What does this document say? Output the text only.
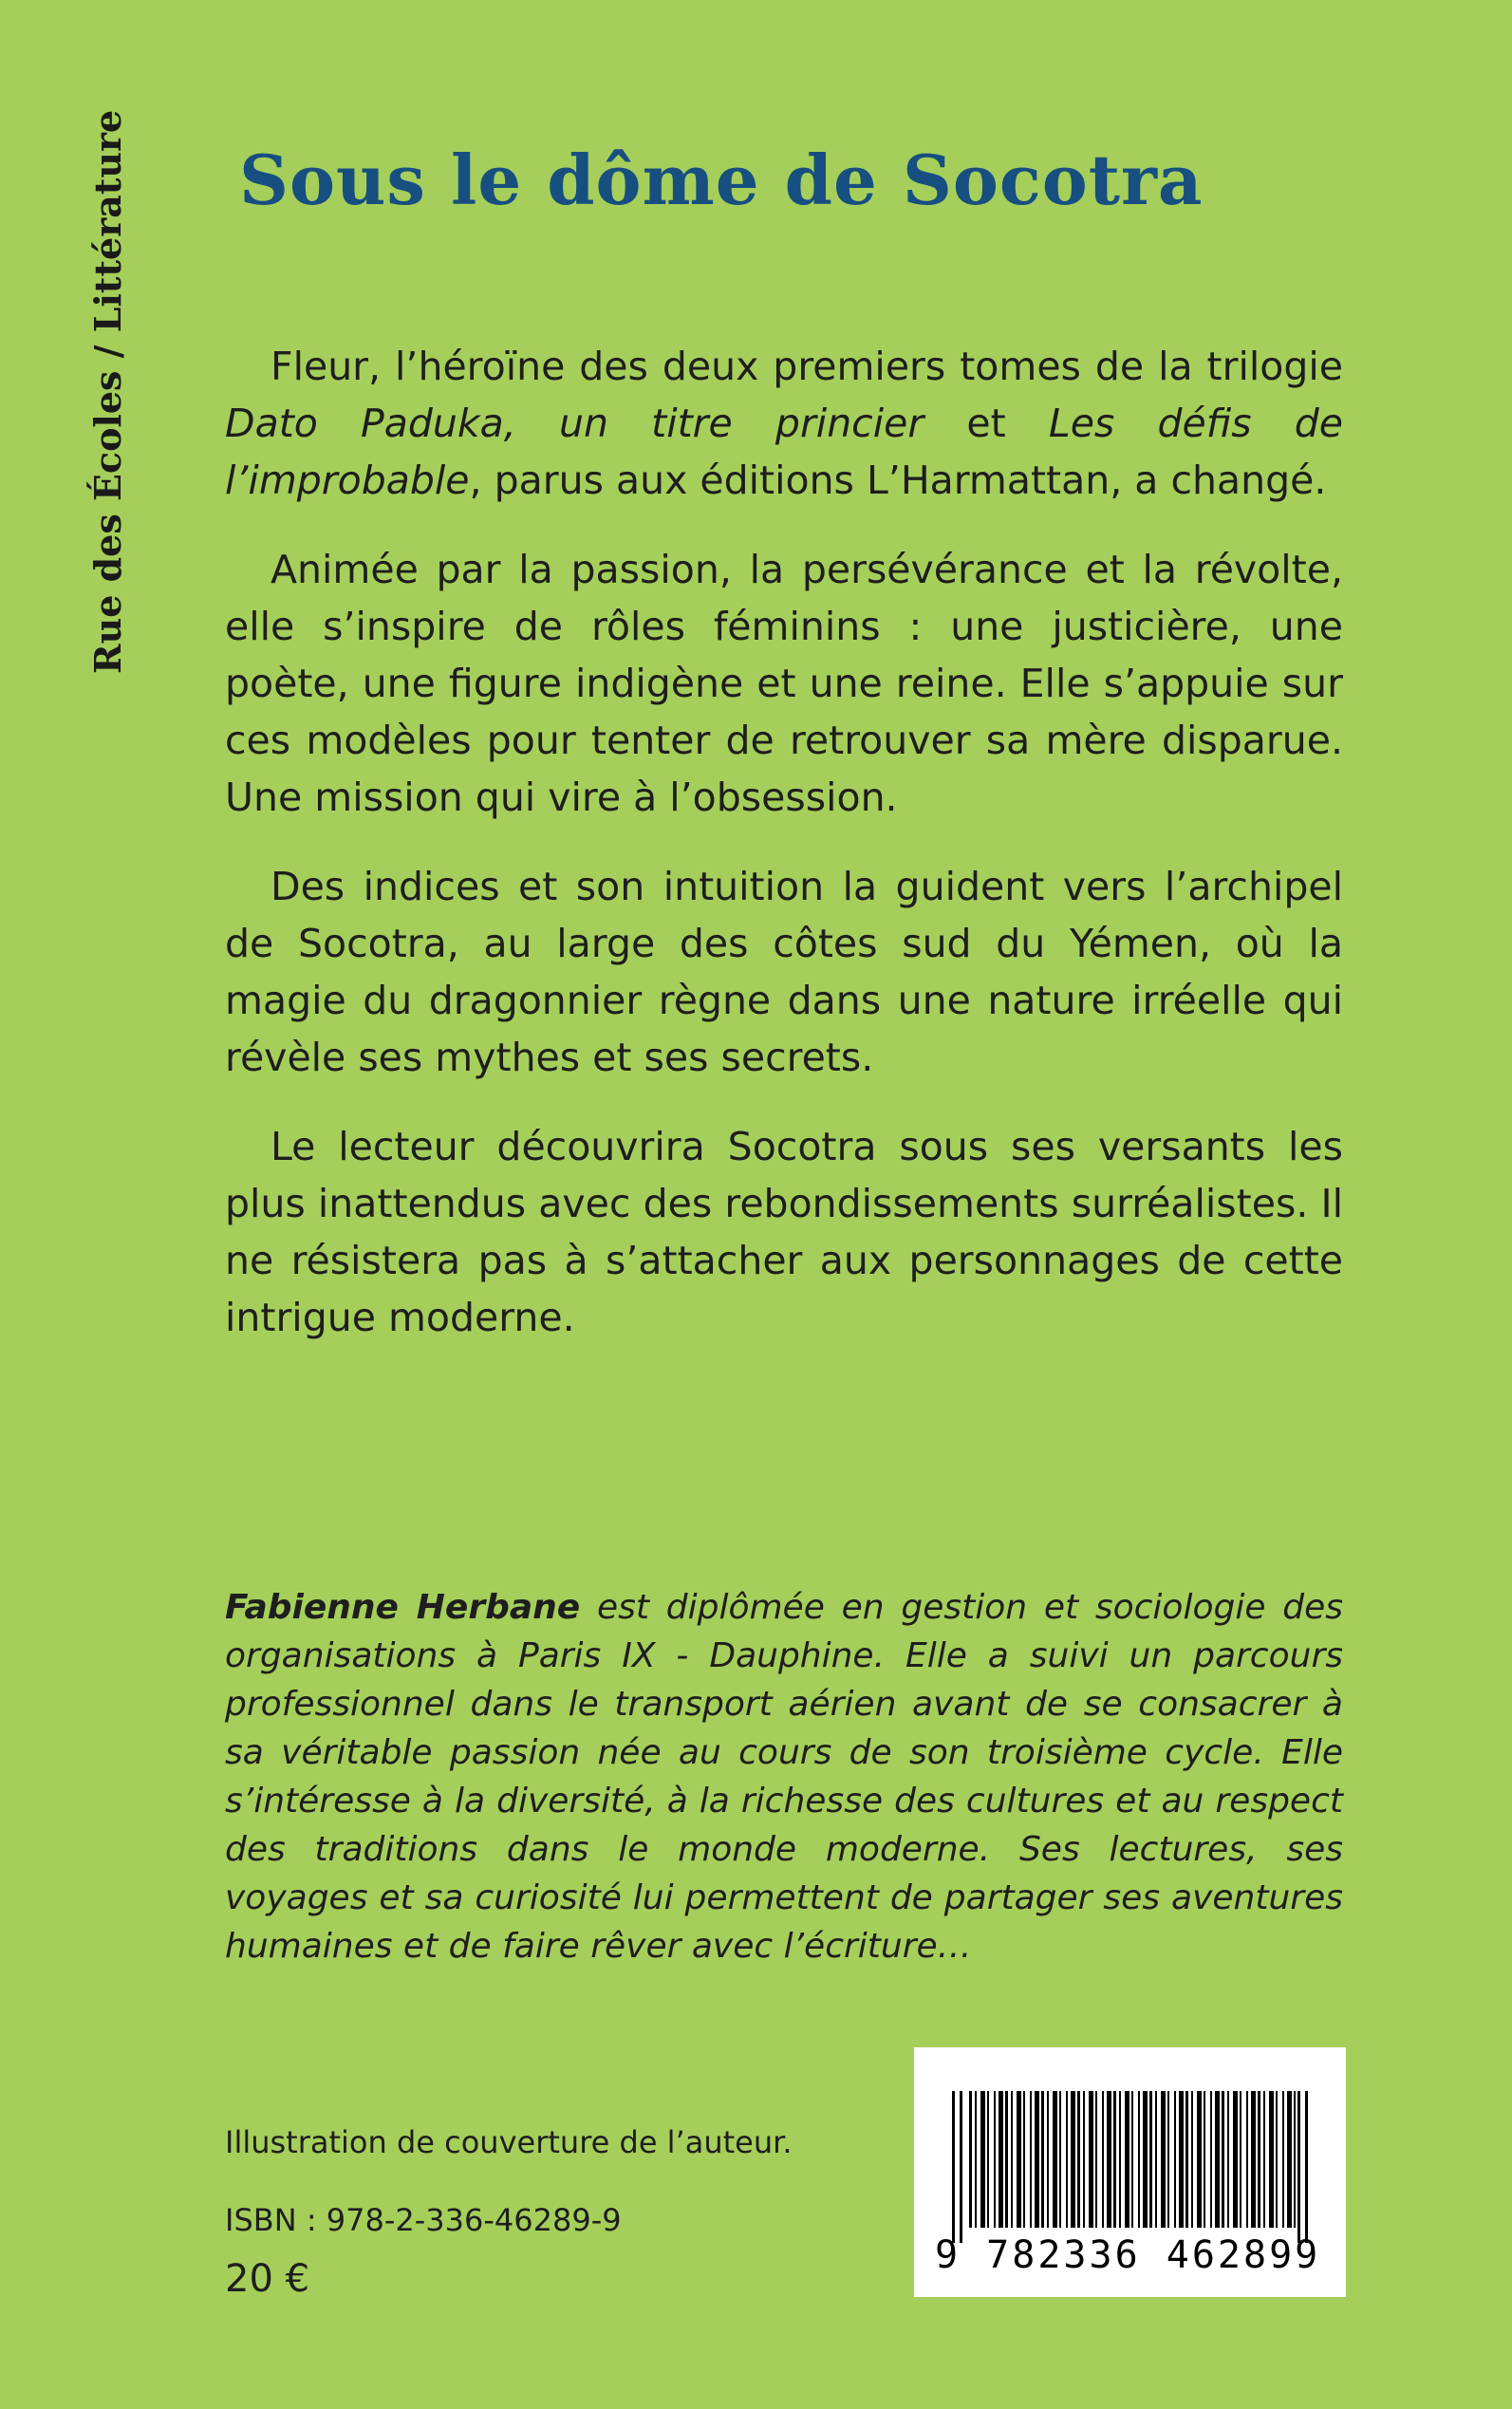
Rue des Écoles / Littérature Sous le dôme de Socotra

Fleur, l’héroïne des deux premiers tomes de la trilogie Dato Paduka, un titre princier et Les défis de l’improbable, parus aux éditions L’Harmattan, a changé.

Animée par la passion, la persévérance et la révolte, elle s’inspire de rôles féminins : une justicière, une poète, une figure indigène et une reine. Elle s’appuie sur ces modèles pour tenter de retrouver sa mère disparue. Une mission qui vire à l’obsession.

Des indices et son intuition la guident vers l’archipel de Socotra, au large des côtes sud du Yémen, où la magie du dragonnier règne dans une nature irréelle qui révèle ses mythes et ses secrets.

Le lecteur découvrira Socotra sous ses versants les plus inattendus avec des rebondissements surréalistes. Il ne résistera pas à s’attacher aux personnages de cette intrigue moderne.

Fabienne Herbane est diplômée en gestion et sociologie des organisations à Paris IX - Dauphine. Elle a suivi un parcours professionnel dans le transport aérien avant de se consacrer à sa véritable passion née au cours de son troisième cycle. Elle s’intéresse à la diversité, à la richesse des cultures et au respect des traditions dans le monde moderne. Ses lectures, ses voyages et sa curiosité lui permettent de partager ses aventures humaines et de faire rêver avec l’écriture…

Illustration de couverture de l’auteur.
ISBN : 978-2-336-46289-9
20 €
9 782336 462899
